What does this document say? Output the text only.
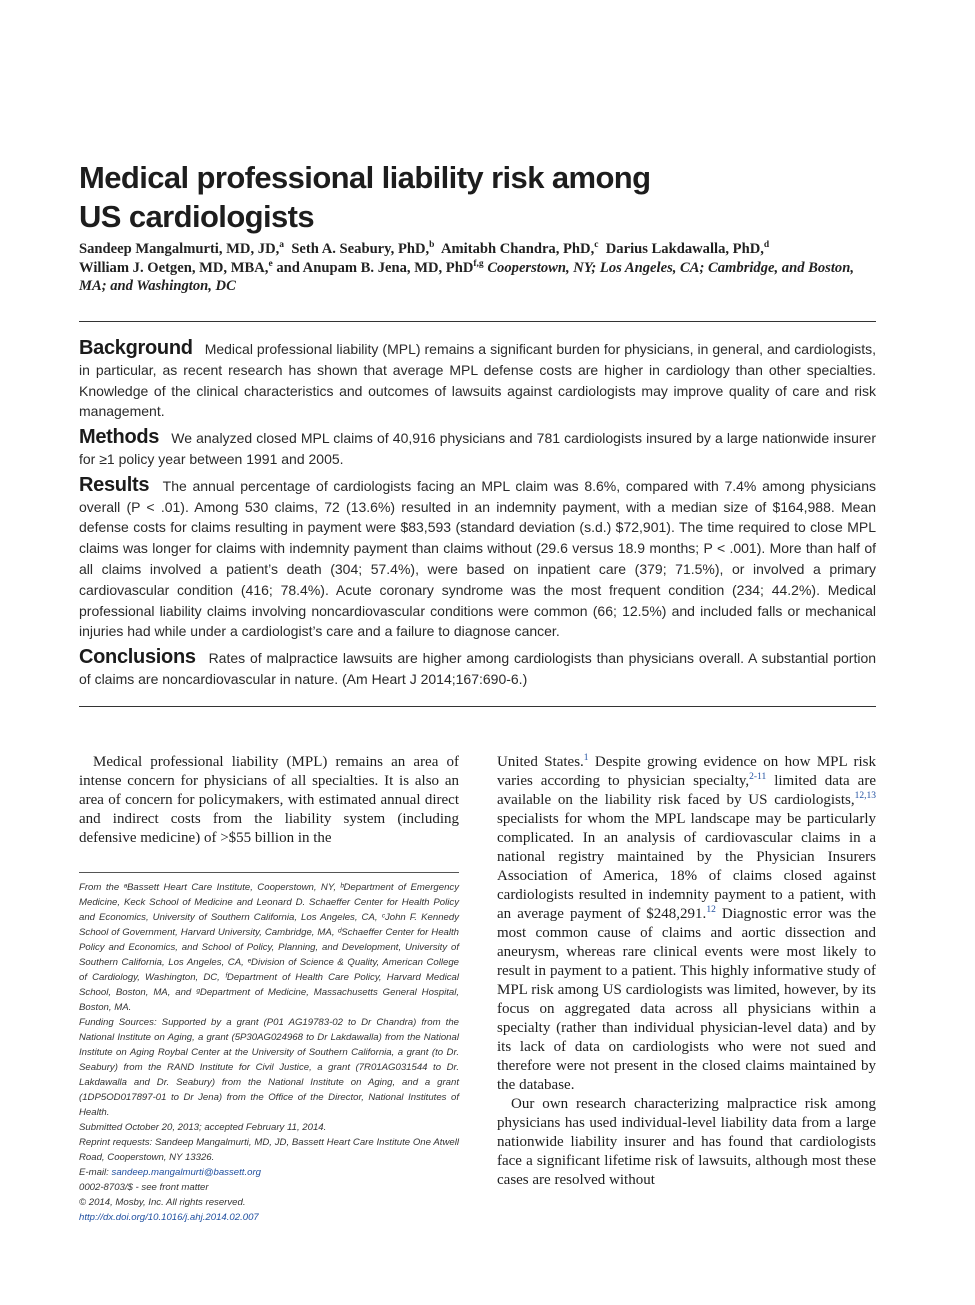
Medical professional liability risk among
US cardiologists
Sandeep Mangalmurti, MD, JD,$^a$ Seth A. Seabury, PhD,$^b$ Amitabh Chandra, PhD,$^c$ Darius Lakdawalla, PhD,$^d$
William J. Oetgen, MD, MBA,$^e$ and Anupam B. Jena, MD, PhD$^{f,g}$ Cooperstown, NY; Los Angeles, CA; Cambridge, and Boston, MA; and Washington, DC

Background Medical professional liability (MPL) remains a significant burden for physicians, in general, and cardiologists, in particular, as recent research has shown that average MPL defense costs are higher in cardiology than other specialties. Knowledge of the clinical characteristics and outcomes of lawsuits against cardiologists may improve quality of care and risk management.

Methods We analyzed closed MPL claims of 40,916 physicians and 781 cardiologists insured by a large nationwide insurer for ≥1 policy year between 1991 and 2005.

Results The annual percentage of cardiologists facing an MPL claim was 8.6%, compared with 7.4% among physicians overall (P < .01). Among 530 claims, 72 (13.6%) resulted in an indemnity payment, with a median size of $164,988. Mean defense costs for claims resulting in payment were $83,593 (standard deviation (s.d.) $72,901). The time required to close MPL claims was longer for claims with indemnity payment than claims without (29.6 versus 18.9 months; P < .001). More than half of all claims involved a patient’s death (304; 57.4%), were based on inpatient care (379; 71.5%), or involved a primary cardiovascular condition (416; 78.4%). Acute coronary syndrome was the most frequent condition (234; 44.2%). Medical professional liability claims involving noncardiovascular conditions were common (66; 12.5%) and included falls or mechanical injuries had while under a cardiologist’s care and a failure to diagnose cancer.

Conclusions Rates of malpractice lawsuits are higher among cardiologists than physicians overall. A substantial portion of claims are noncardiovascular in nature. (Am Heart J 2014;167:690-6.)

Medical professional liability (MPL) remains an area of intense concern for physicians of all specialties. It is also an area of concern for policymakers, with estimated annual direct and indirect costs from the liability system (including defensive medicine) of >$55 billion in the

From the ᵃBassett Heart Care Institute, Cooperstown, NY, ᵇDepartment of Emergency Medicine, Keck School of Medicine and Leonard D. Schaeffer Center for Health Policy and Economics, University of Southern California, Los Angeles, CA, ᶜJohn F. Kennedy School of Government, Harvard University, Cambridge, MA, ᵈSchaeffer Center for Health Policy and Economics, and School of Policy, Planning, and Development, University of Southern California, Los Angeles, CA, ᵉDivision of Science & Quality, American College of Cardiology, Washington, DC, ᶠDepartment of Health Care Policy, Harvard Medical School, Boston, MA, and ᵍDepartment of Medicine, Massachusetts General Hospital, Boston, MA.

Funding Sources: Supported by a grant (P01 AG19783-02 to Dr Chandra) from the National Institute on Aging, a grant (5P30AG024968 to Dr Lakdawalla) from the National Institute on Aging Roybal Center at the University of Southern California, a grant (to Dr. Seabury) from the RAND Institute for Civil Justice, a grant (7R01AG031544 to Dr. Lakdawalla and Dr. Seabury) from the National Institute on Aging, and a grant (1DP5OD017897-01 to Dr Jena) from the Office of the Director, National Institutes of Health.

Submitted October 20, 2013; accepted February 11, 2014.

Reprint requests: Sandeep Mangalmurti, MD, JD, Bassett Heart Care Institute One Atwell Road, Cooperstown, NY 13326.

E-mail: sandeep.mangalmurti@bassett.org

0002-8703/$ - see front matter

© 2014, Mosby, Inc. All rights reserved.

http://dx.doi.org/10.1016/j.ahj.2014.02.007

United States.$^1$ Despite growing evidence on how MPL risk varies according to physician specialty,$^{2-11}$ limited data are available on the liability risk faced by US cardiologists,$^{12,13}$ specialists for whom the MPL landscape may be particularly complicated. In an analysis of cardiovascular claims in a national registry maintained by the Physician Insurers Association of America, 18% of claims closed against cardiologists resulted in indemnity payment to a patient, with an average payment of $248,291.12 Diagnostic error was the most common cause of claims and aortic dissection and aneurysm, whereas rare clinical events were most likely to result in payment to a patient. This highly informative study of MPL risk among US cardiologists was limited, however, by its focus on aggregated data across all physicians within a specialty (rather than individual physician-level data) and by its lack of data on cardiologists who were not sued and therefore were not present in the closed claims maintained by the database.

Our own research characterizing malpractice risk among physicians has used individual-level liability data from a large nationwide liability insurer and has found that cardiologists face a significant lifetime risk of lawsuits, although most these cases are resolved without
